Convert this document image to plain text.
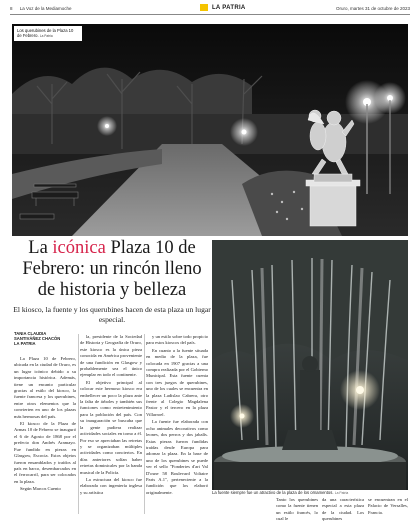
8 La Voz de la Mediamoche	LA PATRIA	Oruro, martes 31 de octubre de 2023
Los querubines de la Plaza 10 de Febrero. La Patria
La icónica Plaza 10 de Febrero: un rincón lleno de historia y belleza
El kiosco, la fuente y los querubines hacen de esta plaza un lugar especial.
TANIA CLAUDIA SANTIVÁÑEZ CHACÓN
LA PATRIA

La Plaza 10 de Febrero, ubicada en la ciudad de Oruro, es un lugar icónico debido a su importancia histórica. Además, tiene un encanto particular gracias al estilo del kiosco, la fuente francesa y los querubines, entre otros elementos que la convierten en uno de los plazas más hermosas del país.

El kiosco de la Plaza de Armas 10 de Febrero se inauguró el 6 de Agosto de 1868 por el prefecto don Andrés Aramayo. Fue fundido en piezas en Glasgow, Escocia. Estos objetos fueron ensamblados y traídos al país en barco, desembarcados en el ferrocarril, para ser colocados en la plaza.

Según Marcos Cuento

la, presidente de la Sociedad de Historia y Geografía de Oruro, este kiosco es la única pieza conocida en América proveniente de una fundición en Glasgow y probablemente sea el único ejemplar en todo el continente.

El objetivo principal al colocar este hermoso kiosco era embellecer un poco la plaza ante la falta de árboles y también sus funciones como entretenimiento para la población del país. Con su inauguración se buscaba que la gente pudiera realizar actividades sociales en torno a él. Por eso se apreciaban las retretas y se organizaban múltiples actividades como conciertos. En días anteriores solían haber retretas dominicales por la banda musical de la Policía.

La estructura del kiosco fue elaborada con ingeniería inglesa y su artística

y un estilo sobre todo propicio para estos kioscos del país.

En cuanto a la fuente situada en medio de la plaza, fue colocada en 1907 gracias a una compra realizada por el Gobierno Municipal. Esta fuente cuenta con tres juegos de querubines, uno de los cuales se encuentra en la plaza Ladislao Cabrera, otro frente al Colegio Magdalena Pastor y el tercero en la plaza Villarroel.

La fuente fue elaborada con ocho animales decorativos como leones, dos perros y dos jabalís. Estas piezas fueron fundidas traídas desde Europa para adornar la plaza. En la base de uno de los querubines se puede ver el sello "Fonderies d'art Val D'osne 58 Boulevard Voltaire Paris A.1", perteneciente a la fundición que los elaboró originalmente.	La fuente siempre fue un atractivo de la plaza de los ornamentos. La Patria
Tanto los querubines como la fuente tienen un estilo francés, lo cual le
da una característica especial a esta plaza de la ciudad. Los querubines
se encuentran en el Palacio de Versalles, Francia.
